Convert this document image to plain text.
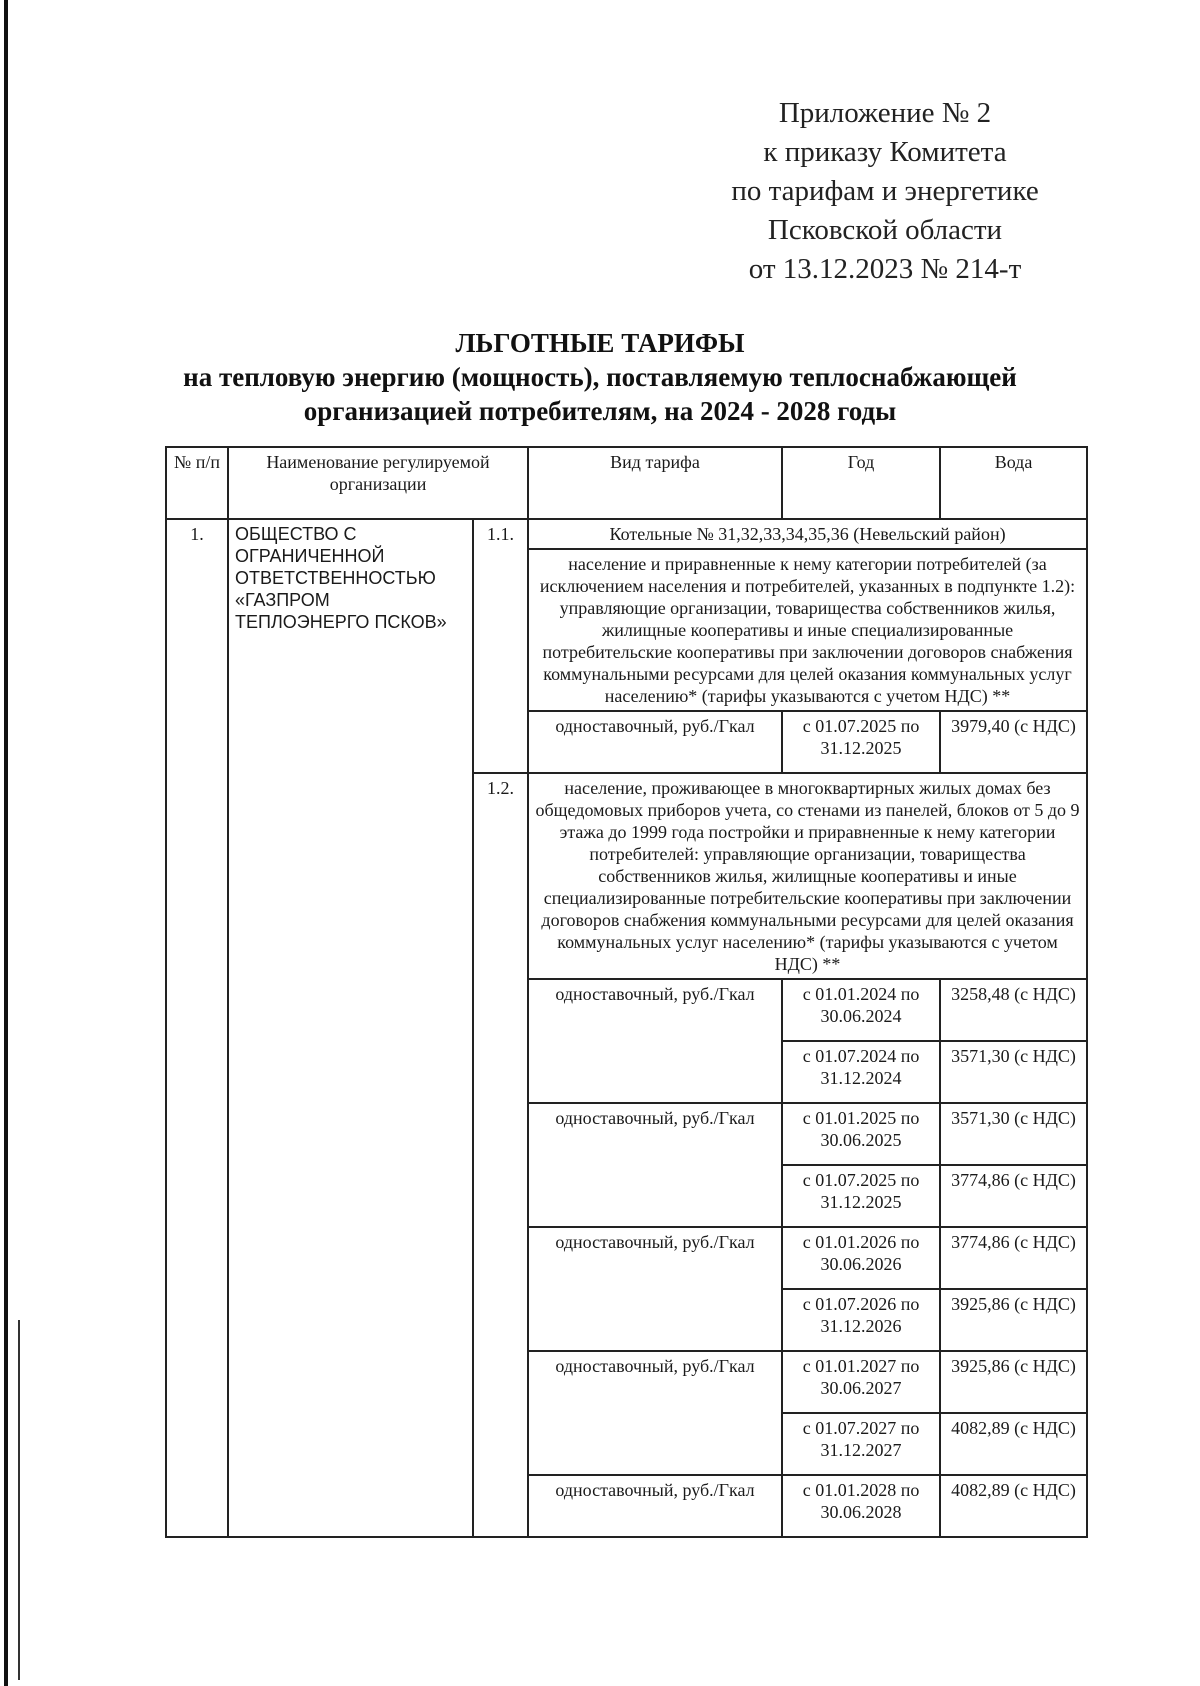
Приложение № 2
к приказу Комитета
по тарифам и энергетике
Псковской области
от 13.12.2023 № 214-т
ЛЬГОТНЫЕ ТАРИФЫ
на тепловую энергию (мощность), поставляемую теплоснабжающей
организацией потребителям, на 2024 - 2028 годы
№ п/п	Наименование регулируемой организации		Вид тарифа	Год	Вода
1.	ОБЩЕСТВО С ОГРАНИЧЕННОЙ ОТВЕТСТВЕННОСТЬЮ «ГАЗПРОМ ТЕПЛОЭНЕРГО ПСКОВ»	1.1.	Котельные № 31,32,33,34,35,36 (Невельский район)		
			население и приравненные к нему категории потребителей (за исключением населения и потребителей, указанных в подпункте 1.2): управляющие организации, товарищества собственников жилья, жилищные кооперативы и иные специализированные потребительские кооперативы при заключении договоров снабжения коммунальными ресурсами для целей оказания коммунальных услуг населению* (тарифы указываются с учетом НДС) **		
			одноставочный, руб./Гкал	с 01.07.2025 по 31.12.2025	3979,40 (с НДС)
		1.2.	население, проживающее в многоквартирных жилых домах без общедомовых приборов учета, со стенами из панелей, блоков от 5 до 9 этажа до 1999 года постройки и приравненные к нему категории потребителей: управляющие организации, товарищества собственников жилья, жилищные кооперативы и иные специализированные потребительские кооперативы при заключении договоров снабжения коммунальными ресурсами для целей оказания коммунальных услуг населению* (тарифы указываются с учетом НДС) **		
			одноставочный, руб./Гкал	с 01.01.2024 по 30.06.2024	3258,48 (с НДС)
				с 01.07.2024 по 31.12.2024	3571,30 (с НДС)
			одноставочный, руб./Гкал	с 01.01.2025 по 30.06.2025	3571,30 (с НДС)
				с 01.07.2025 по 31.12.2025	3774,86 (с НДС)
			одноставочный, руб./Гкал	с 01.01.2026 по 30.06.2026	3774,86 (с НДС)
				с 01.07.2026 по 31.12.2026	3925,86 (с НДС)
			одноставочный, руб./Гкал	с 01.01.2027 по 30.06.2027	3925,86 (с НДС)
				с 01.07.2027 по 31.12.2027	4082,89 (с НДС)
			одноставочный, руб./Гкал	с 01.01.2028 по 30.06.2028	4082,89 (с НДС)
